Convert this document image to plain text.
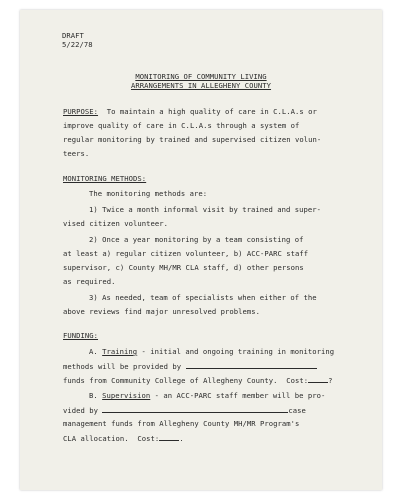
DRAFT

5/22/78

MONITORING OF COMMUNITY LIVING

ARRANGEMENTS IN ALLEGHENY COUNTY

PURPOSE:  To maintain a high quality of care in C.L.A.s or

improve quality of care in C.L.A.s through a system of

regular monitoring by trained and supervised citizen volun-

teers.

MONITORING METHODS:

The monitoring methods are:

1) Twice a month informal visit by trained and super-

vised citizen volunteer.

2) Once a year monitoring by a team consisting of

at least a) regular citizen volunteer, b) ACC-PARC staff

supervisor, c) County MH/MR CLA staff, d) other persons

as required.

3) As needed, team of specialists when either of the

above reviews find major unresolved problems.

FUNDING:

A. Training - initial and ongoing training in monitoring

methods will be provided by

funds from Community College of Allegheny County.  Cost:	?

B. Supervision - an ACC-PARC staff member will be pro-

vided by	case

management funds from Allegheny County MH/MR Program's

CLA allocation.  Cost:	.
